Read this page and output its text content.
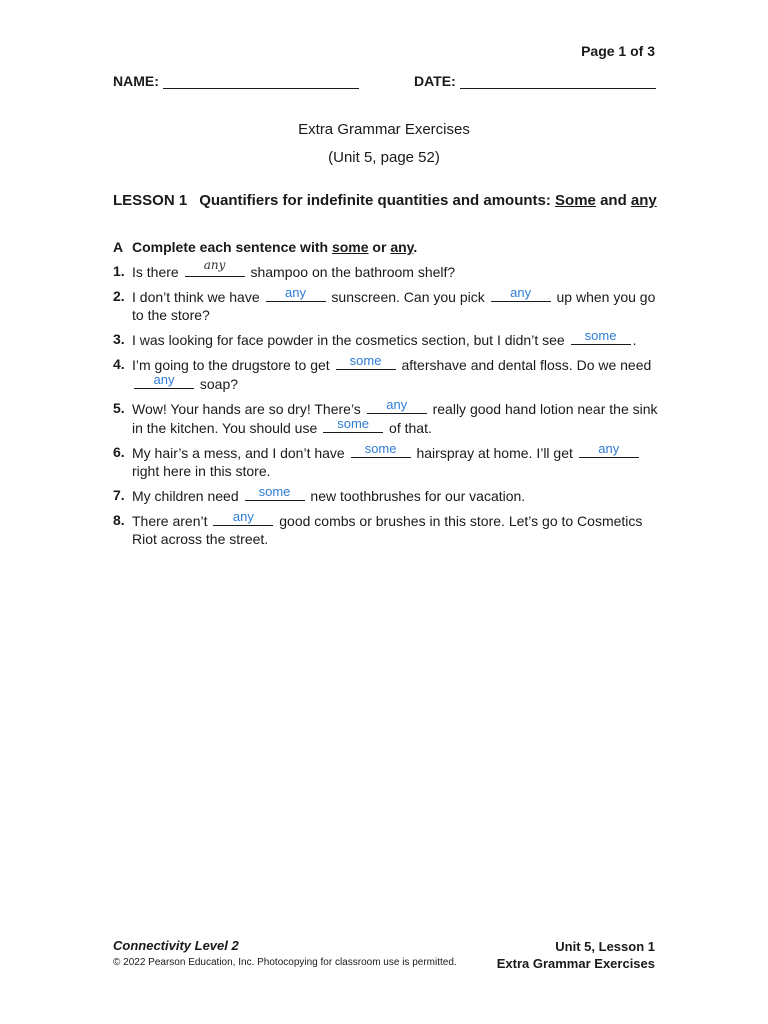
Page 1 of 3
NAME:	DATE:
Extra Grammar Exercises
(Unit 5, page 52)
LESSON 1 Quantifiers for indefinite quantities and amounts: Some and any
A Complete each sentence with some or any.
1. Is there	any	shampoo on the bathroom shelf?
2. I don’t think we have	any	sunscreen. Can you pick	any	up when you go to the store?
3. I was looking for face powder in the cosmetics section, but I didn’t see	some	.
4. I’m going to the drugstore to get	some	aftershave and dental floss. Do we need
any	soap?
5. Wow! Your hands are so dry! There’s	any	really good hand lotion near the sink in the kitchen. You should use	some	of that.
6. My hair’s a mess, and I don’t have	some	hairspray at home. I’ll get	any
right here in this store.
7. My children need	some	new toothbrushes for our vacation.
8. There aren’t	any	good combs or brushes in this store. Let’s go to Cosmetics Riot across the street.
Connectivity Level 2
© 2022 Pearson Education, Inc. Photocopying for classroom use is permitted.
Unit 5, Lesson 1
Extra Grammar Exercises
